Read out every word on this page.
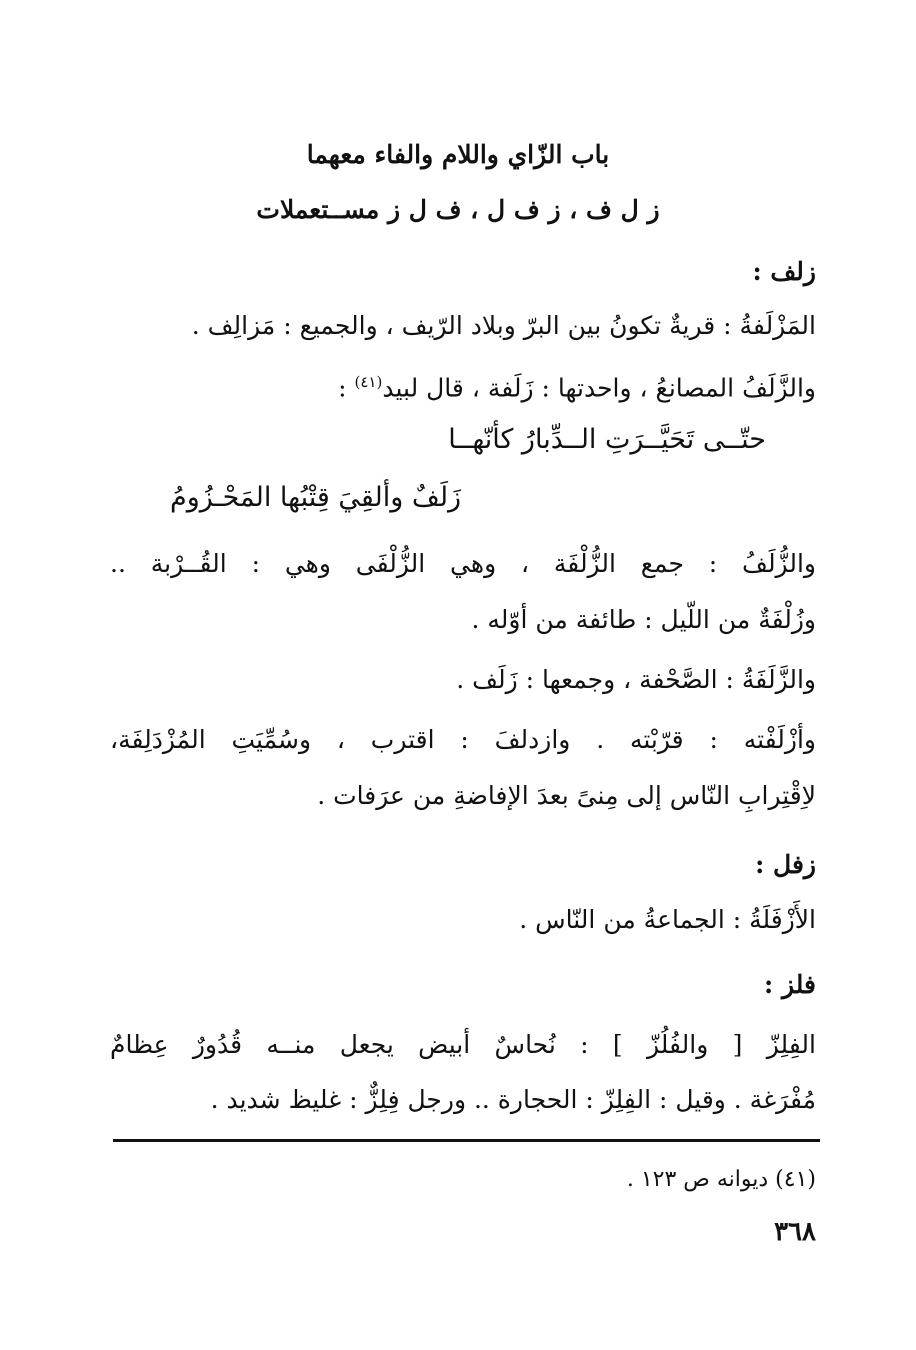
باب الزّاي واللام والفاء معهما
ز ل ف ، ز ف ل ، ف ل ز مســتعملات
زلف :
المَزْلَفةُ : قريةٌ تكونُ بين البرّ وبلاد الرّيف ، والجميع : مَزالِف .
والزَّلَفُ المصانعُ ، واحدتها : زَلَفة ، قال لبيد$^{(٤١)}$ :
حتّــى تَحَيَّــرَتِ الــدِّبارُ كأنّهــا
زَلَفٌ وأُلقِيَ قِتْبُها المَحْـزُومُ
والزُّلَفُ : جمع الزُّلْفَة ، وهي الزُّلْفَى وهي : القُــرْبة ..
وزُلْفَةٌ من اللّيل : طائفة من أوّله .
والزَّلَفَةُ : الصَّحْفة ، وجمعها : زَلَف .
وأزْلَفْته : قرّبْته . وازدلفَ : اقترب ، وسُمِّيَتِ المُزْدَلِفَة،
لاِقْتِرابِ النّاس إلى مِنىً بعدَ الإفاضةِ من عرَفات .
زفل :
الأَزْفَلَةُ : الجماعةُ من النّاس .
فلز :
الفِلِزّ [ والفُلُزّ ] : نُحاسٌ أبيض يجعل منــه قُدُورٌ عِظامٌ
مُفْرَغة . وقيل : الفِلِزّ : الحجارة .. ورجل فِلِزٌّ : غليظ شديد .
(٤١) ديوانه ص ١٢٣ .
٣٦٨
